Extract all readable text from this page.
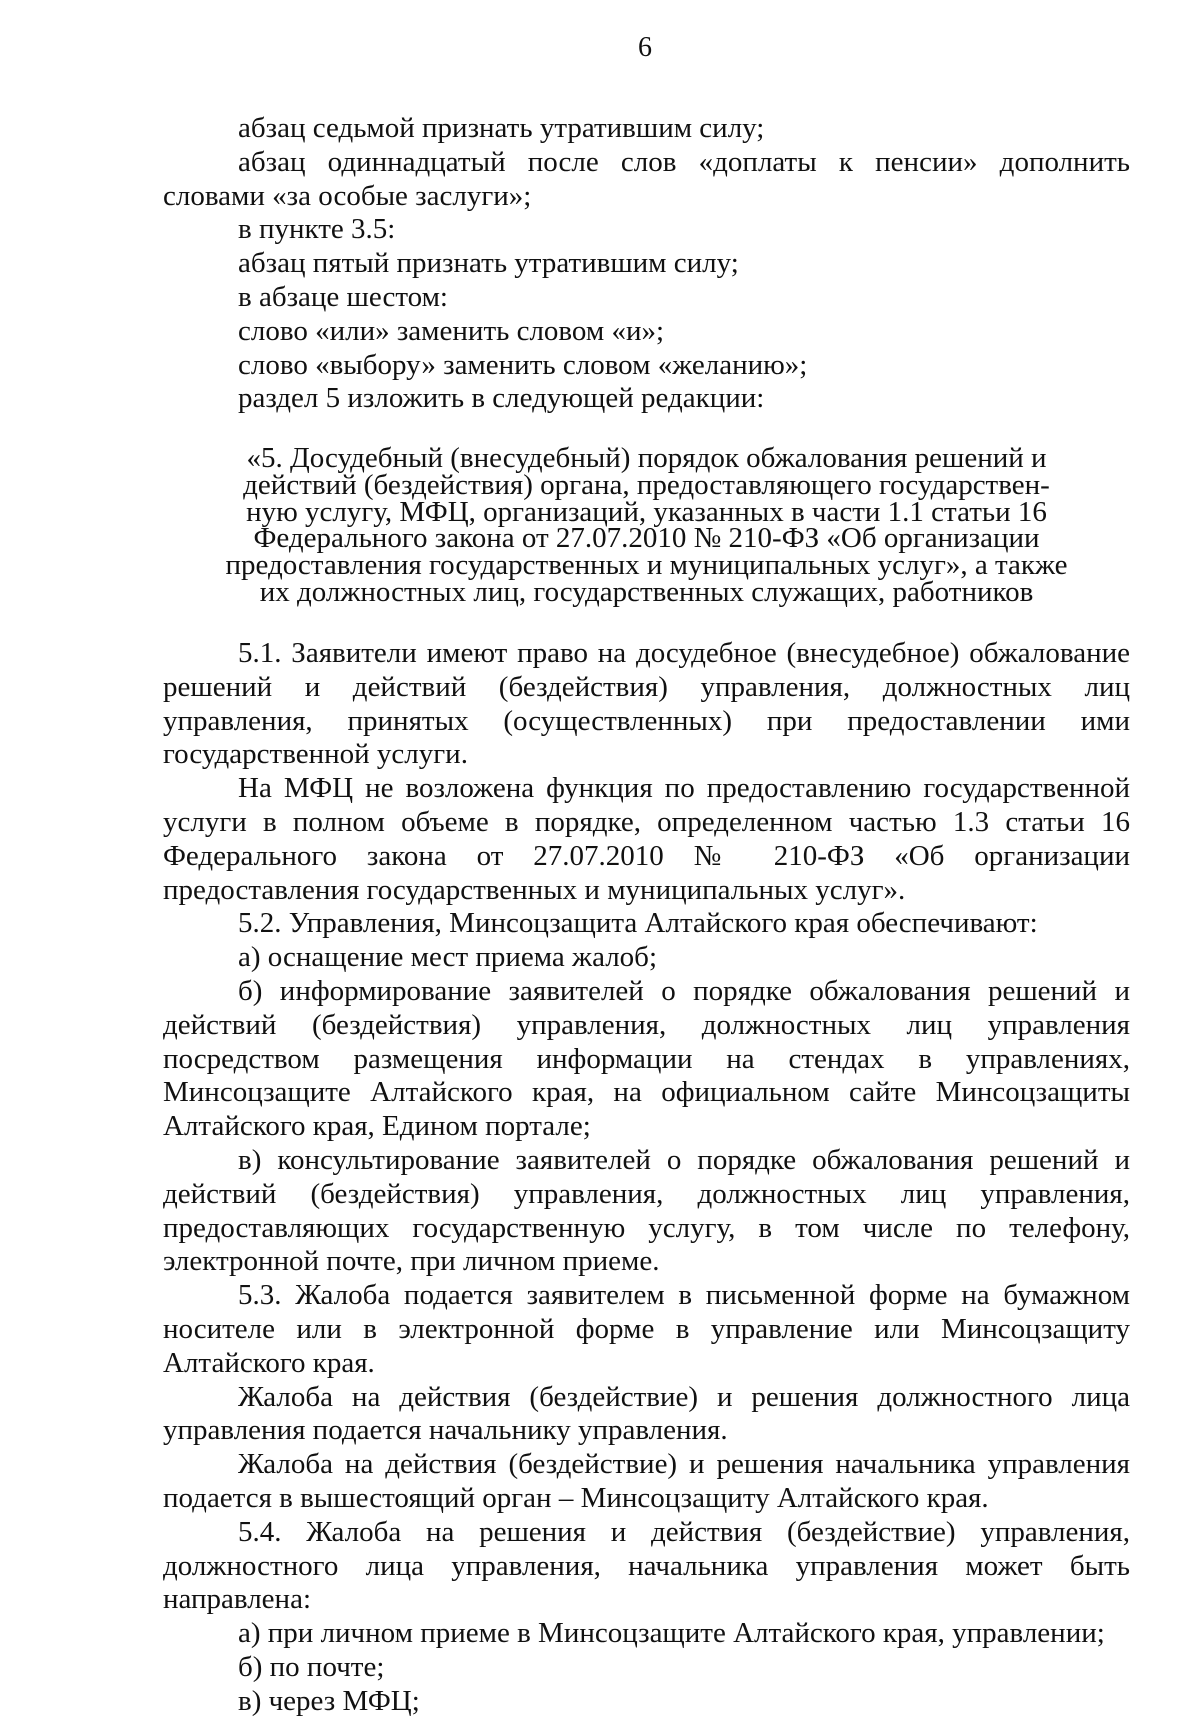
6

абзац седьмой признать утратившим силу;

абзац одиннадцатый после слов «доплаты к пенсии» дополнить словами «за особые заслуги»;

в пункте 3.5:

абзац пятый признать утратившим силу;

в абзаце шестом:

слово «или» заменить словом «и»;

слово «выбору» заменить словом «желанию»;

раздел 5 изложить в следующей редакции:

«5. Досудебный (внесудебный) порядок обжалования решений и
действий (бездействия) органа, предоставляющего государствен-
ную услугу, МФЦ, организаций, указанных в части 1.1 статьи 16
Федерального закона от 27.07.2010 № 210-ФЗ «Об организации
предоставления государственных и муниципальных услуг», а также
их должностных лиц, государственных служащих, работников

5.1. Заявители имеют право на досудебное (внесудебное) обжалование решений и действий (бездействия) управления, должностных лиц управления, принятых (осуществленных) при предоставлении ими государственной услуги.

На МФЦ не возложена функция по предоставлению государственной услуги в полном объеме в порядке, определенном частью 1.3 статьи 16 Федерального закона от 27.07.2010 № 210-ФЗ «Об организации предоставления государственных и муниципальных услуг».

5.2. Управления, Минсоцзащита Алтайского края обеспечивают:

а) оснащение мест приема жалоб;

б) информирование заявителей о порядке обжалования решений и действий (бездействия) управления, должностных лиц управления посредством размещения информации на стендах в управлениях, Минсоцзащите Алтайского края, на официальном сайте Минсоцзащиты Алтайского края, Едином портале;

в) консультирование заявителей о порядке обжалования решений и действий (бездействия) управления, должностных лиц управления, предоставляющих государственную услугу, в том числе по телефону, электронной почте, при личном приеме.

5.3. Жалоба подается заявителем в письменной форме на бумажном носителе или в электронной форме в управление или Минсоцзащиту Алтайского края.

Жалоба на действия (бездействие) и решения должностного лица управления подается начальнику управления.

Жалоба на действия (бездействие) и решения начальника управления подается в вышестоящий орган – Минсоцзащиту Алтайского края.

5.4. Жалоба на решения и действия (бездействие) управления, должностного лица управления, начальника управления может быть направлена:

а) при личном приеме в Минсоцзащите Алтайского края, управлении;

б) по почте;

в) через МФЦ;
